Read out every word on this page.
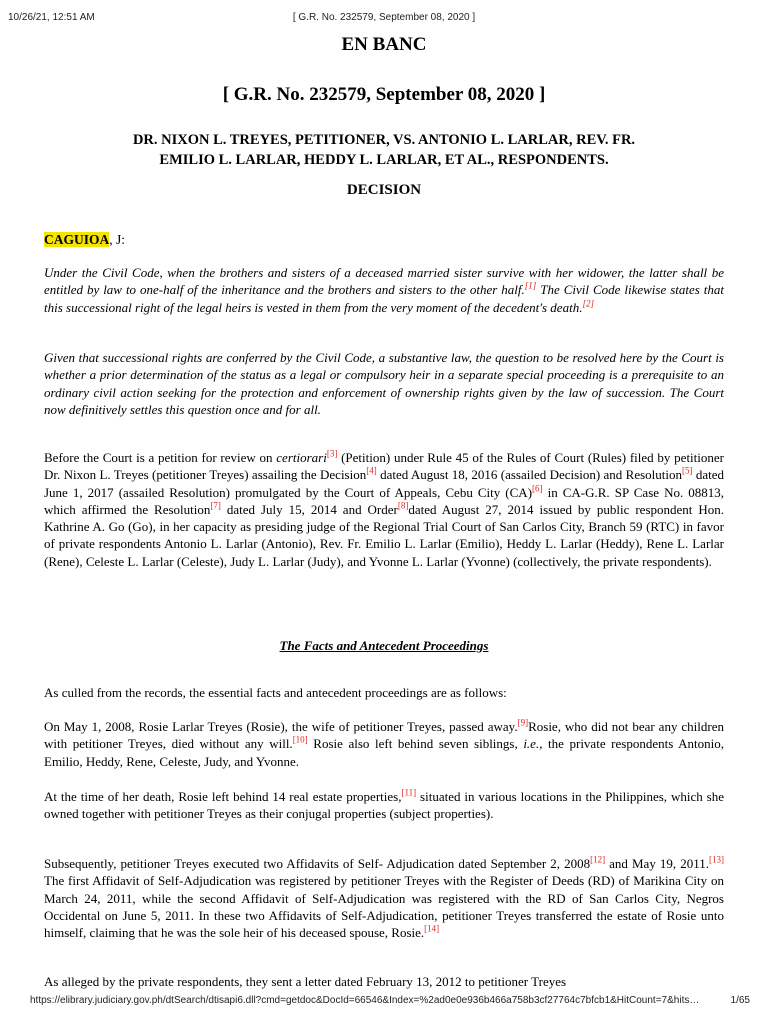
10/26/21, 12:51 AM	[ G.R. No. 232579, September 08, 2020 ]
EN BANC
[ G.R. No. 232579, September 08, 2020 ]
DR. NIXON L. TREYES, PETITIONER, VS. ANTONIO L. LARLAR, REV. FR.
EMILIO L. LARLAR, HEDDY L. LARLAR, ET AL., RESPONDENTS.
DECISION
CAGUIOA, J:
Under the Civil Code, when the brothers and sisters of a deceased married sister survive with her widower, the latter shall be entitled by law to one-half of the inheritance and the brothers and sisters to the other half.[1] The Civil Code likewise states that this successional right of the legal heirs is vested in them from the very moment of the decedent's death.[2]
Given that successional rights are conferred by the Civil Code, a substantive law, the question to be resolved here by the Court is whether a prior determination of the status as a legal or compulsory heir in a separate special proceeding is a prerequisite to an ordinary civil action seeking for the protection and enforcement of ownership rights given by the law of succession. The Court now definitively settles this question once and for all.
Before the Court is a petition for review on certiorari[3] (Petition) under Rule 45 of the Rules of Court (Rules) filed by petitioner Dr. Nixon L. Treyes (petitioner Treyes) assailing the Decision[4] dated August 18, 2016 (assailed Decision) and Resolution[5] dated June 1, 2017 (assailed Resolution) promulgated by the Court of Appeals, Cebu City (CA)[6] in CA-G.R. SP Case No. 08813, which affirmed the Resolution[7] dated July 15, 2014 and Order[8]dated August 27, 2014 issued by public respondent Hon. Kathrine A. Go (Go), in her capacity as presiding judge of the Regional Trial Court of San Carlos City, Branch 59 (RTC) in favor of private respondents Antonio L. Larlar (Antonio), Rev. Fr. Emilio L. Larlar (Emilio), Heddy L. Larlar (Heddy), Rene L. Larlar (Rene), Celeste L. Larlar (Celeste), Judy L. Larlar (Judy), and Yvonne L. Larlar (Yvonne) (collectively, the private respondents).
The Facts and Antecedent Proceedings
As culled from the records, the essential facts and antecedent proceedings are as follows:
On May 1, 2008, Rosie Larlar Treyes (Rosie), the wife of petitioner Treyes, passed away.[9]Rosie, who did not bear any children with petitioner Treyes, died without any will.[10] Rosie also left behind seven siblings, i.e., the private respondents Antonio, Emilio, Heddy, Rene, Celeste, Judy, and Yvonne.
At the time of her death, Rosie left behind 14 real estate properties,[11] situated in various locations in the Philippines, which she owned together with petitioner Treyes as their conjugal properties (subject properties).
Subsequently, petitioner Treyes executed two Affidavits of Self- Adjudication dated September 2, 2008[12] and May 19, 2011.[13] The first Affidavit of Self-Adjudication was registered by petitioner Treyes with the Register of Deeds (RD) of Marikina City on March 24, 2011, while the second Affidavit of Self-Adjudication was registered with the RD of San Carlos City, Negros Occidental on June 5, 2011. In these two Affidavits of Self-Adjudication, petitioner Treyes transferred the estate of Rosie unto himself, claiming that he was the sole heir of his deceased spouse, Rosie.[14]
As alleged by the private respondents, they sent a letter dated February 13, 2012 to petitioner Treyes
https://elibrary.judiciary.gov.ph/dtSearch/dtisapi6.dll?cmd=getdoc&DocId=66546&Index=%2ad0e0e936b466a758b3cf27764c7bfcb1&HitCount=7&hits…	1/65
